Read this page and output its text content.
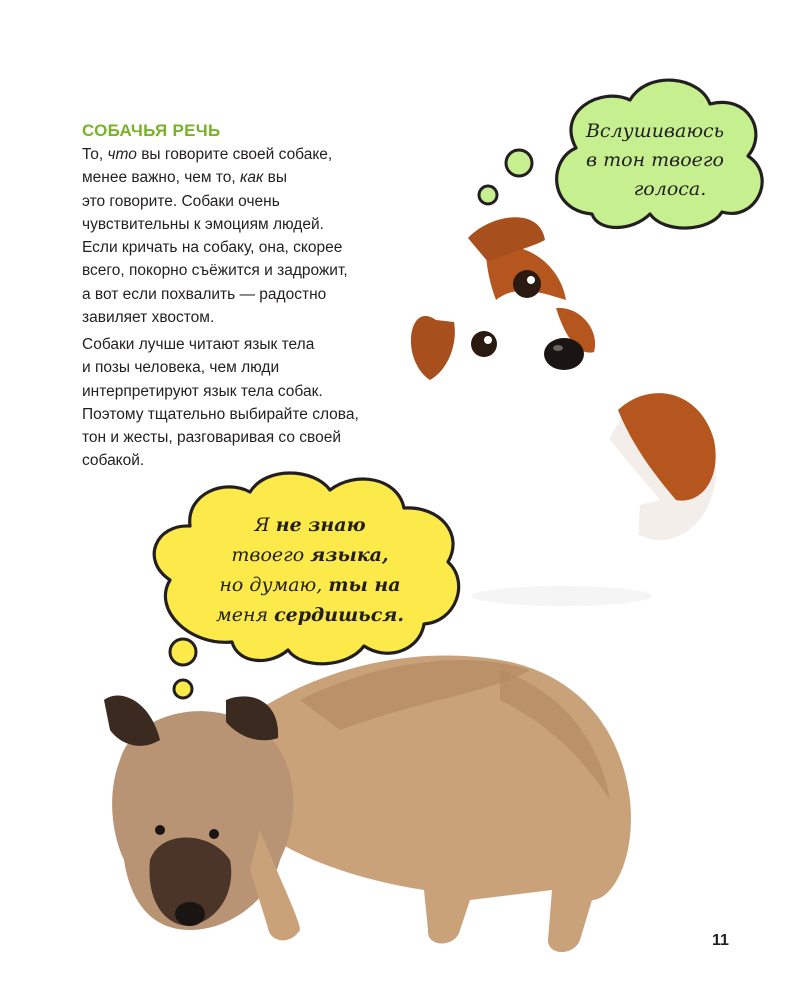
СОБАЧЬЯ РЕЧЬ

То, что вы говорите своей собаке,
менее важно, чем то, как вы
это говорите. Собаки очень
чувствительны к эмоциям людей.
Если кричать на собаку, она, скорее
всего, покорно съёжится и задрожит,
а вот если похвалить — радостно
завиляет хвостом.

Собаки лучше читают язык тела
и позы человека, чем люди
интерпретируют язык тела собак.
Поэтому тщательно выбирайте слова,
тон и жесты, разговаривая со своей
собакой.

Вслушиваюсь
в тон твоего
голоса.

Я не знаю
твоего языка,
но думаю, ты на
меня сердишься.

11
